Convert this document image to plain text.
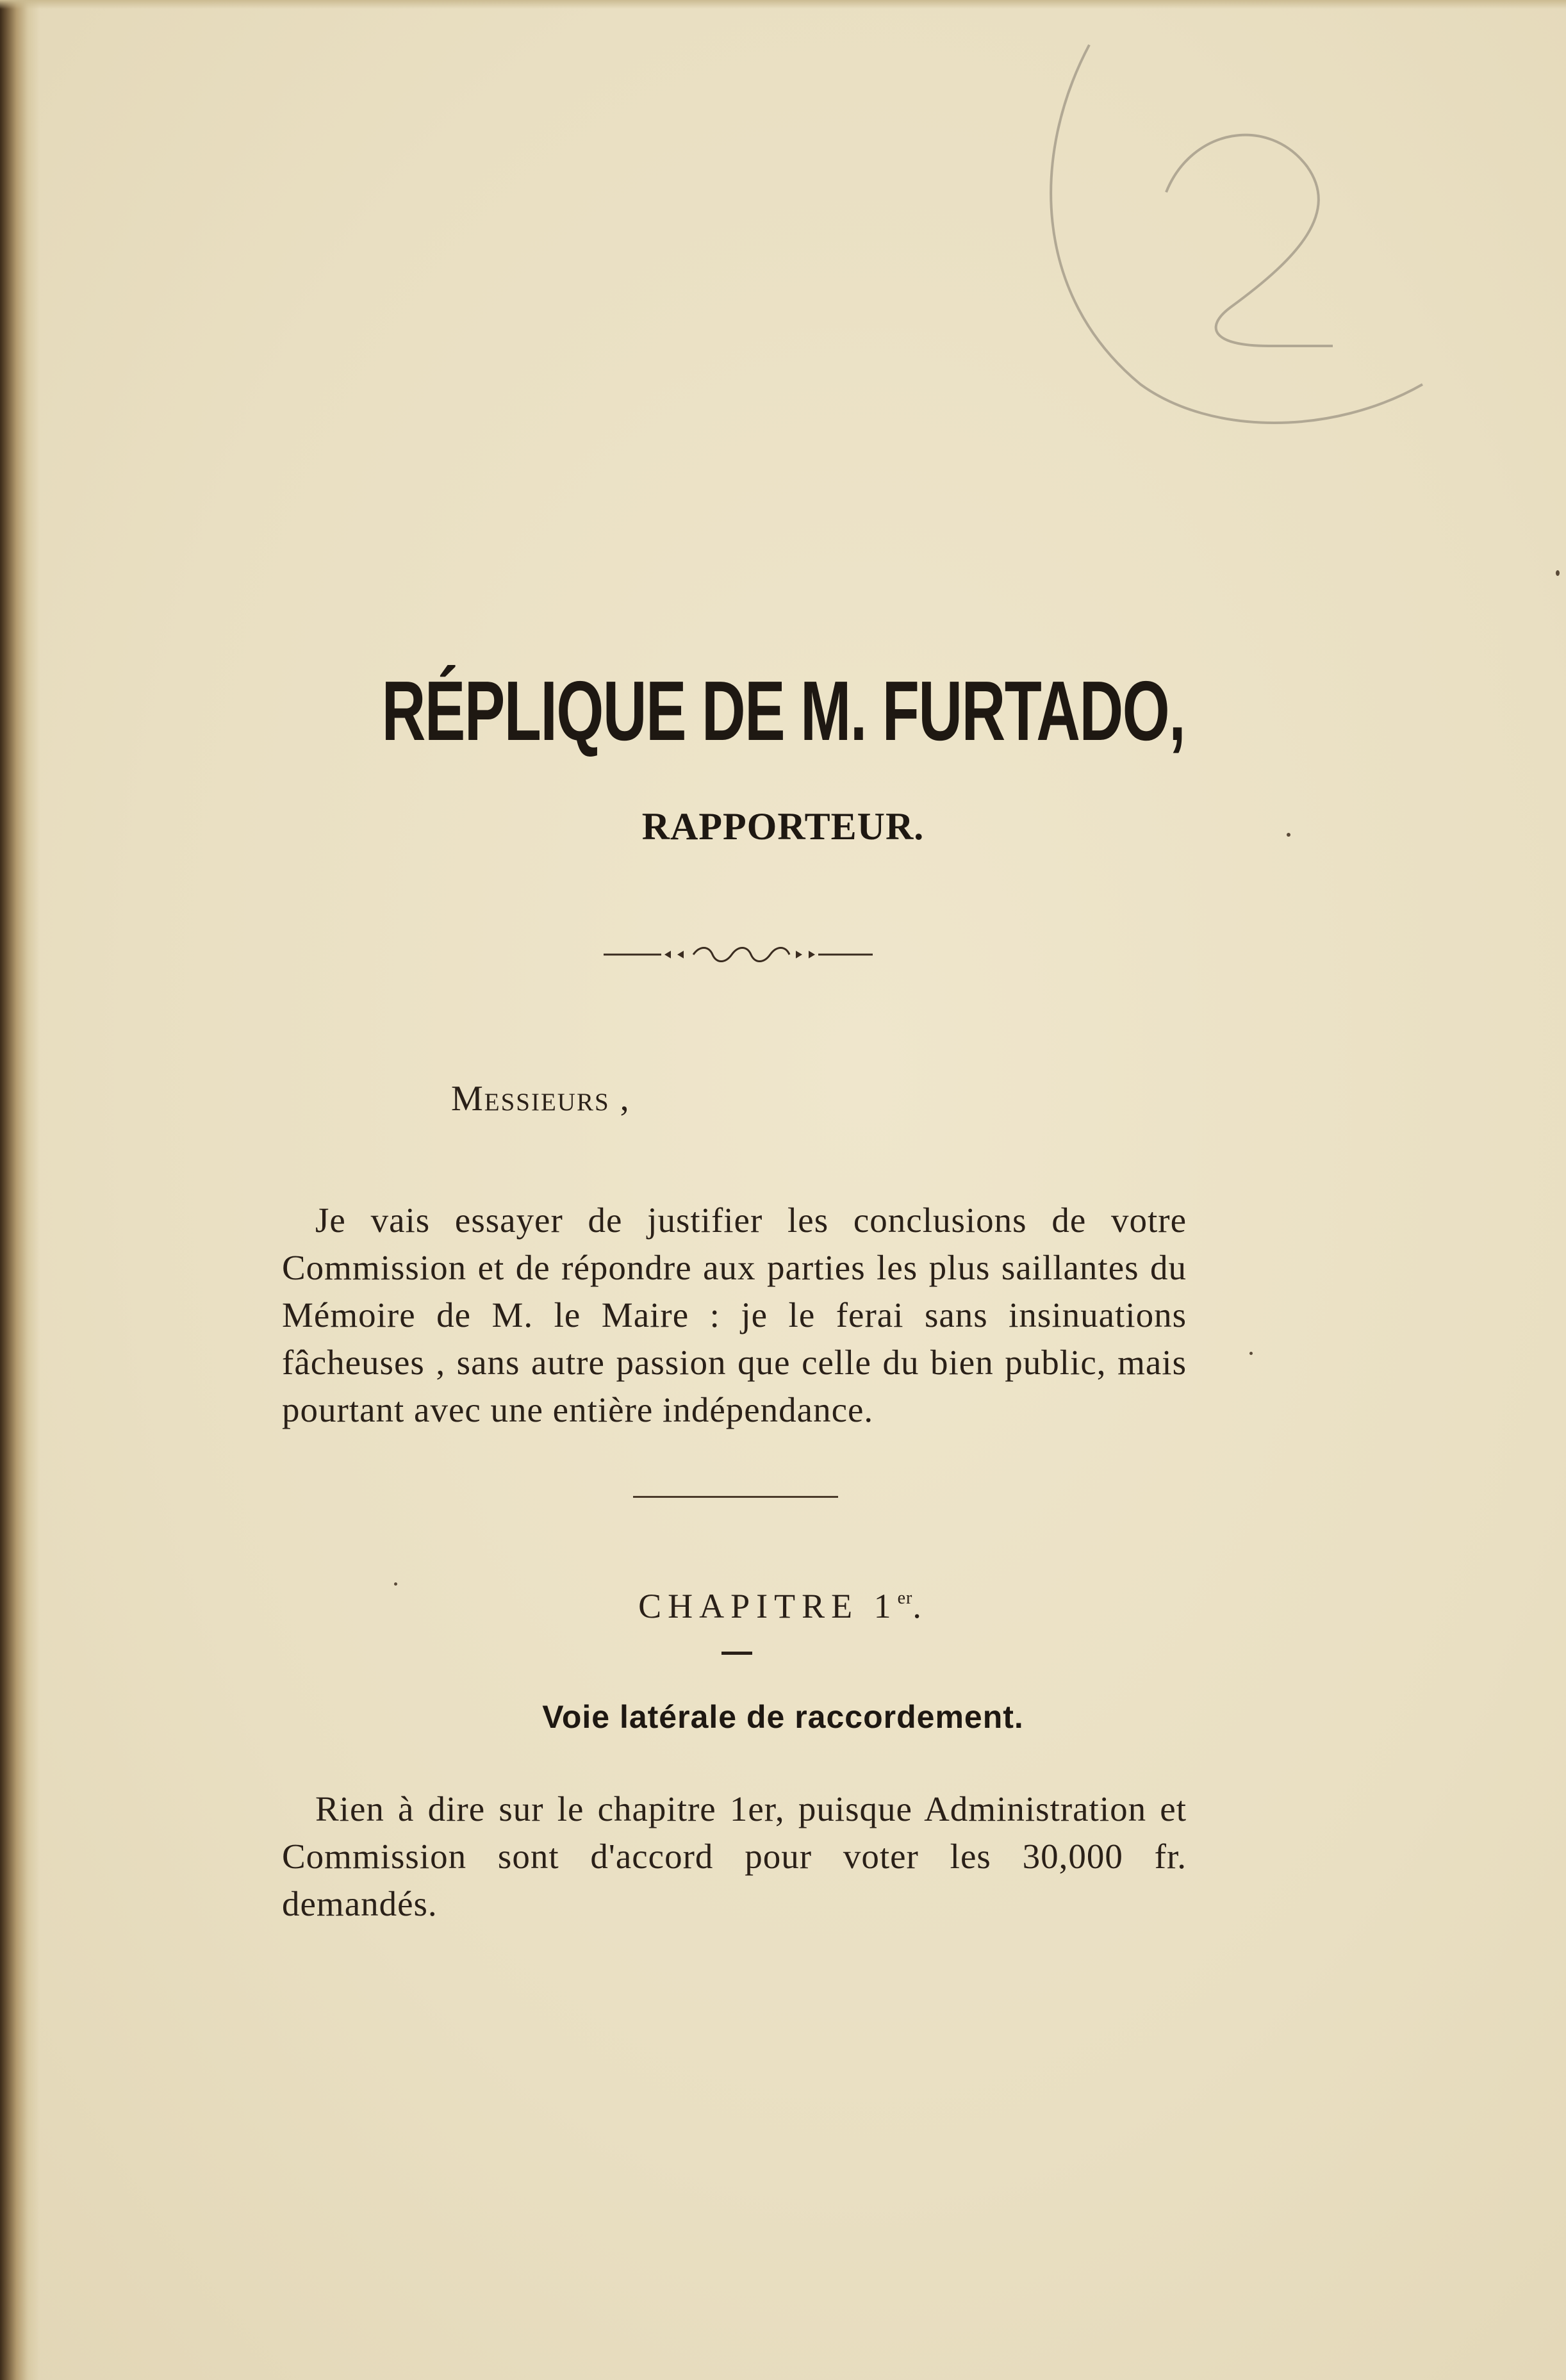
RÉPLIQUE DE M. FURTADO,
RAPPORTEUR.
Messieurs ,

Je vais essayer de justifier les conclusions de votre Commission et de répondre aux parties les plus saillantes du Mémoire de M. le Maire : je le ferai sans insinuations fâcheuses , sans autre passion que celle du bien public, mais pourtant avec une entière indépendance.

CHAPITRE 1er.
Voie latérale de raccordement.

Rien à dire sur le chapitre 1er, puisque Administration et Commission sont d'accord pour voter les 30,000 fr. demandés.
